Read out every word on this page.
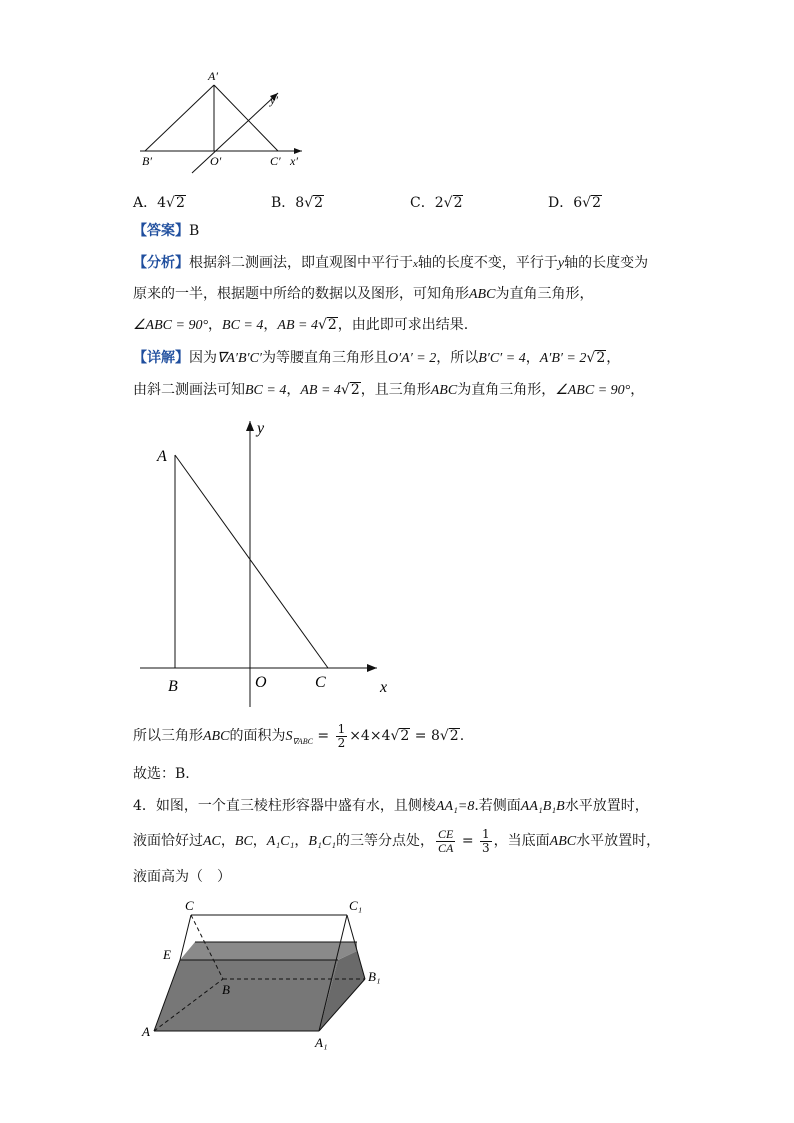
A′
B′	O′	C′ x′
y′
A．4√2	B．8√2	C．2√2	D．6√2
【答案】B
【分析】根据斜二测画法，即直观图中平行于x轴的长度不变，平行于y轴的长度变为
原来的一半，根据题中所给的数据以及图形，可知角形ABC为直角三角形，
∠ABC = 90°，BC = 4，AB = 4√2，由此即可求出结果.
【详解】因为∇A′B′C′为等腰直角三角形且O′A′ = 2，所以B′C′ = 4，A′B′ = 2√2，
由斜二测画法可知BC = 4，AB = 4√2，且三角形ABC为直角三角形，∠ABC = 90°，
A
B	O	C	x
y
所以三角形ABC的面积为$S_{\nabla ABC} = \frac{1}{2} \times 4\times 4√2 = 8√2$.
故选：B.
4．如图，一个直三棱柱形容器中盛有水，且侧棱AA₁=8.若侧面AA₁B₁B水平放置时，
液面恰好过AC，BC，A₁C₁，B₁C₁的三等分点处， $\frac{CE}{CA} = \frac{1}{3}$ ，当底面ABC水平放置时，
液面高为（　）
C	C₁
E
B
B₁
A
A₁
